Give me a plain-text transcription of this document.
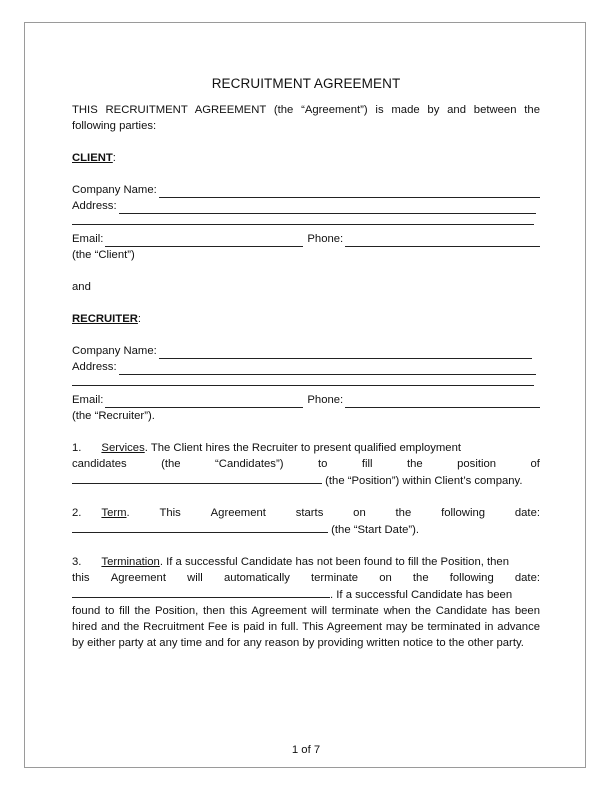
RECRUITMENT AGREEMENT

THIS RECRUITMENT AGREEMENT (the “Agreement”) is made by and between the following parties:

CLIENT:

Company Name:
Address:
Email:	Phone:

(the “Client”)

and

RECRUITER:

Company Name:
Address:
Email:	Phone:

(the “Recruiter”).

1. Services. The Client hires the Recruiter to present qualified employment

candidates	(the	“Candidates”)	to	fill	the	position	of

(the “Position”) within Client’s company.

2. Term.	This	Agreement	starts	on	the	following	date:

(the “Start Date”).

3. Termination. If a successful Candidate has not been found to fill the Position, then

this Agreement will automatically terminate on the following date:

. If a successful Candidate has been

found to fill the Position, then this Agreement will terminate when the Candidate has been hired and the Recruitment Fee is paid in full. This Agreement may be terminated in advance by either party at any time and for any reason by providing written notice to the other party.

1 of 7
